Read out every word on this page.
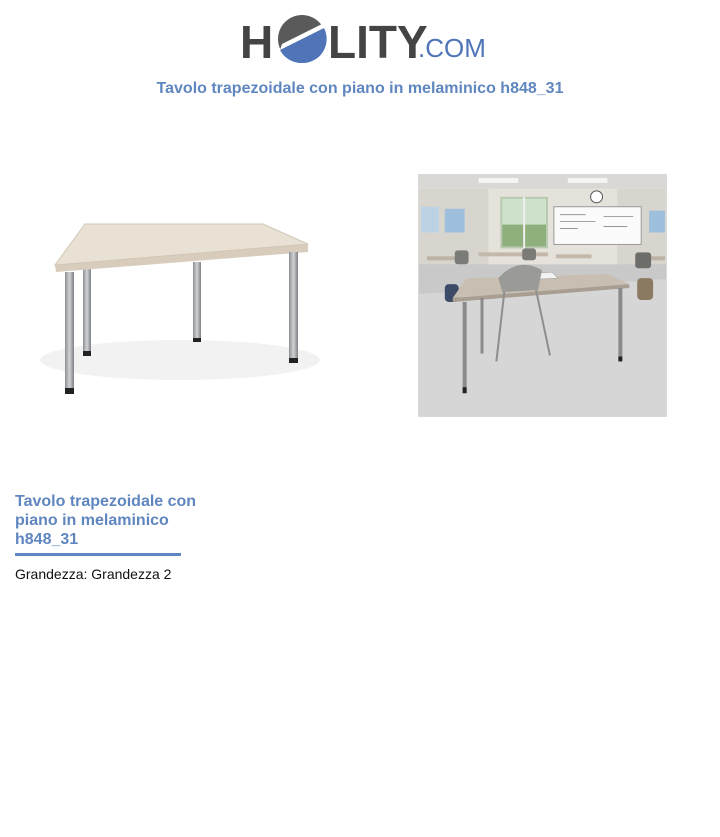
H LITY
.COM
Tavolo trapezoidale con piano in melaminico h848_31
Tavolo trapezoidale con piano in melaminico h848_31
Grandezza: Grandezza 2
